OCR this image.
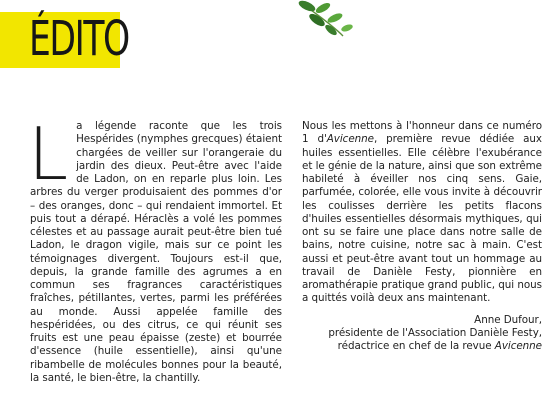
ÉDITO
L a légende raconte que les trois Hespérides (nymphes grecques) étaient chargées de veiller sur l'orangeraie du jardin des dieux. Peut-être avec l'aide de Ladon, on en reparle plus loin. Les arbres du verger produisaient des pommes d'or – des oranges, donc – qui rendaient immortel. Et puis tout a dérapé. Héraclès a volé les pommes célestes et au passage aurait peut-être bien tué Ladon, le dragon vigile, mais sur ce point les témoignages divergent. Toujours est-il que, depuis, la grande famille des agrumes a en commun ses fragrances caractéristiques fraîches, pétillantes, vertes, parmi les préférées au monde. Aussi appelée famille des hespéridées, ou des citrus, ce qui réunit ses fruits est une peau épaisse (zeste) et bourrée d'essence (huile essentielle), ainsi qu'une ribambelle de molécules bonnes pour la beauté, la santé, le bien-être, la chantilly.

Nous les mettons à l'honneur dans ce numéro 1 d'Avicenne, première revue dédiée aux huiles essentielles. Elle célèbre l'exubérance et le génie de la nature, ainsi que son extrême habileté à éveiller nos cinq sens. Gaie, parfumée, colorée, elle vous invite à découvrir les coulisses derrière les petits flacons d'huiles essentielles désormais mythiques, qui ont su se faire une place dans notre salle de bains, notre cuisine, notre sac à main. C'est aussi et peut-être avant tout un hommage au travail de Danièle Festy, pionnière en aromathérapie pratique grand public, qui nous a quittés voilà deux ans maintenant.

Anne Dufour,
présidente de l'Association Danièle Festy,
rédactrice en chef de la revue Avicenne
